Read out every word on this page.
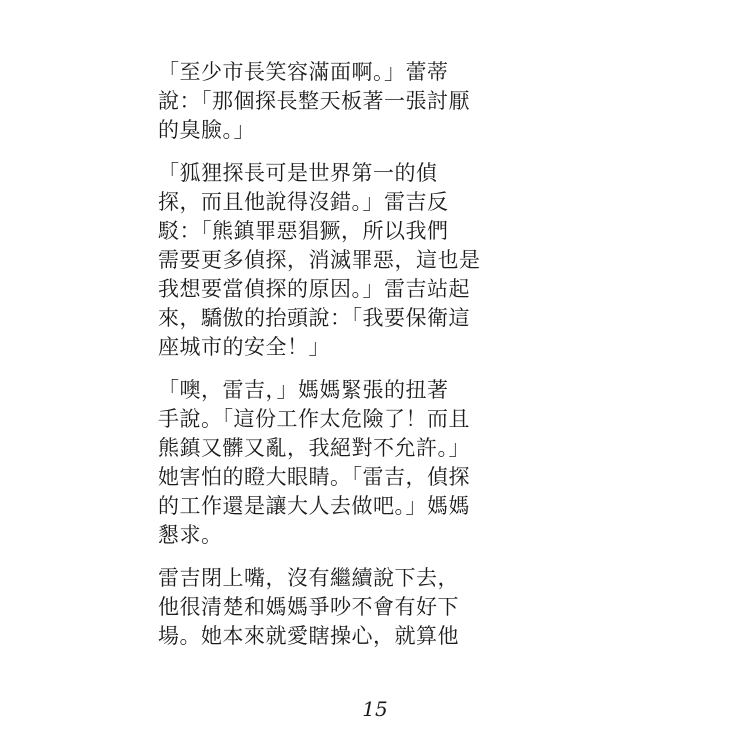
「至少市長笑容滿面啊。」蕾蒂
說：「那個探長整天板著一張討厭
的臭臉。」
「狐狸探長可是世界第一的偵
探，而且他說得沒錯。」雷吉反
駁：「熊鎮罪惡猖獗，所以我們
需要更多偵探，消滅罪惡，這也是
我想要當偵探的原因。」雷吉站起
來，驕傲的抬頭說：「我要保衛這
座城市的安全！」
「噢，雷吉，」媽媽緊張的扭著
手說。「這份工作太危險了！而且
熊鎮又髒又亂，我絕對不允許。」
她害怕的瞪大眼睛。「雷吉，偵探
的工作還是讓大人去做吧。」媽媽
懇求。
雷吉閉上嘴，沒有繼續說下去，
他很清楚和媽媽爭吵不會有好下
場。她本來就愛瞎操心，就算他
15
